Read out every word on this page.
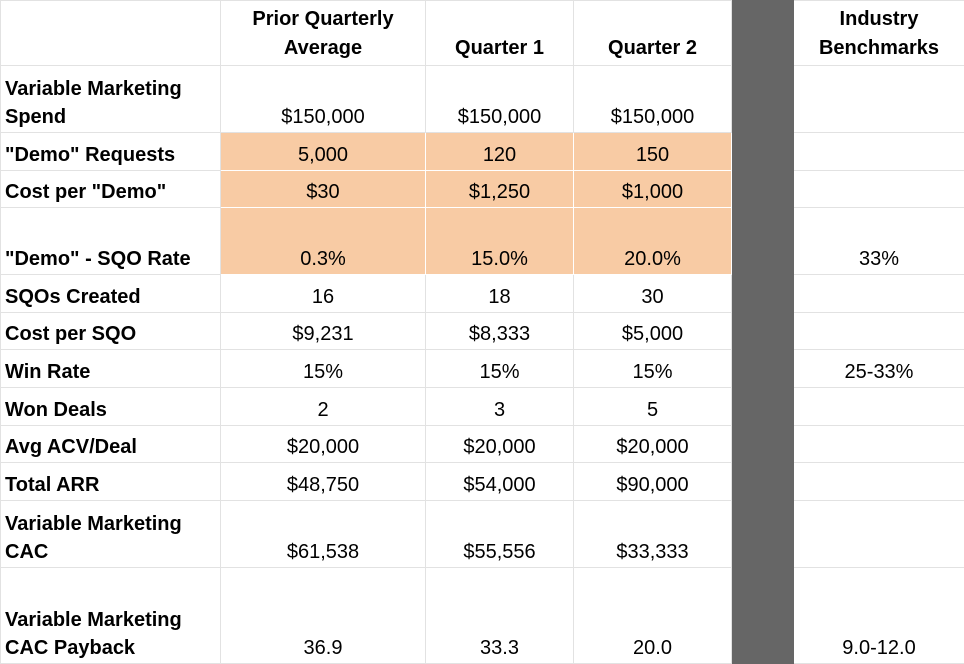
	Prior Quarterly Average	Quarter 1	Quarter 2		Industry Benchmarks
Variable Marketing Spend	$150,000	$150,000	$150,000		
"Demo" Requests	5,000	120	150		
Cost per "Demo"	$30	$1,250	$1,000		
"Demo" - SQO Rate	0.3%	15.0%	20.0%		33%
SQOs Created	16	18	30		
Cost per SQO	$9,231	$8,333	$5,000		
Win Rate	15%	15%	15%		25-33%
Won Deals	2	3	5		
Avg ACV/Deal	$20,000	$20,000	$20,000		
Total ARR	$48,750	$54,000	$90,000		
Variable Marketing CAC	$61,538	$55,556	$33,333		
Variable Marketing CAC Payback	36.9	33.3	20.0		9.0-12.0
